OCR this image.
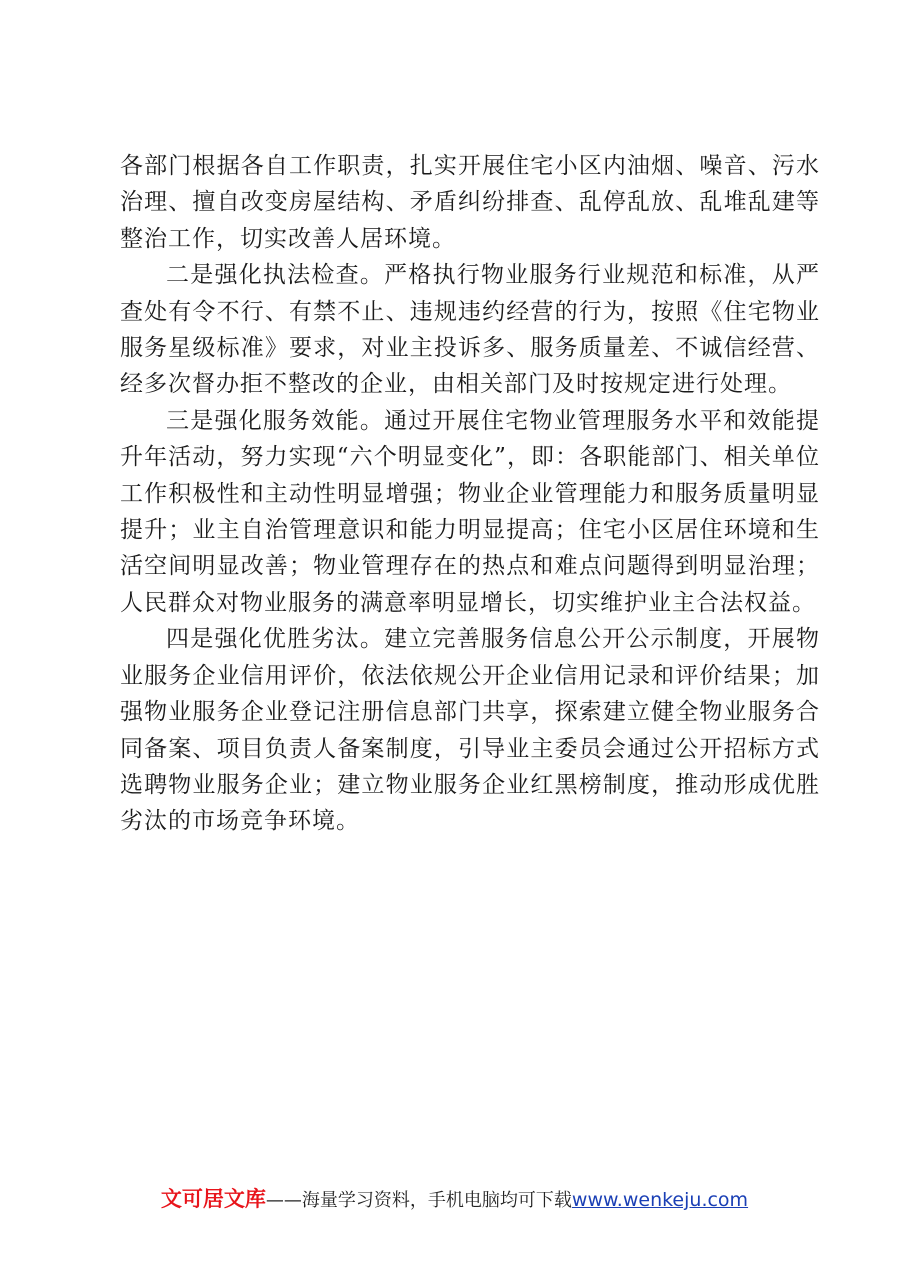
各部门根据各自工作职责，扎实开展住宅小区内油烟、噪音、污水治理、擅自改变房屋结构、矛盾纠纷排查、乱停乱放、乱堆乱建等整治工作，切实改善人居环境。

二是强化执法检查。严格执行物业服务行业规范和标准，从严查处有令不行、有禁不止、违规违约经营的行为，按照《住宅物业服务星级标准》要求，对业主投诉多、服务质量差、不诚信经营、经多次督办拒不整改的企业，由相关部门及时按规定进行处理。

三是强化服务效能。通过开展住宅物业管理服务水平和效能提升年活动，努力实现“六个明显变化”，即：各职能部门、相关单位工作积极性和主动性明显增强；物业企业管理能力和服务质量明显提升；业主自治管理意识和能力明显提高；住宅小区居住环境和生活空间明显改善；物业管理存在的热点和难点问题得到明显治理；人民群众对物业服务的满意率明显增长，切实维护业主合法权益。

四是强化优胜劣汰。建立完善服务信息公开公示制度，开展物业服务企业信用评价，依法依规公开企业信用记录和评价结果；加强物业服务企业登记注册信息部门共享，探索建立健全物业服务合同备案、项目负责人备案制度，引导业主委员会通过公开招标方式选聘物业服务企业；建立物业服务企业红黑榜制度，推动形成优胜劣汰的市场竞争环境。

文可居文库——海量学习资料，手机电脑均可下载www.wenkeju.com
